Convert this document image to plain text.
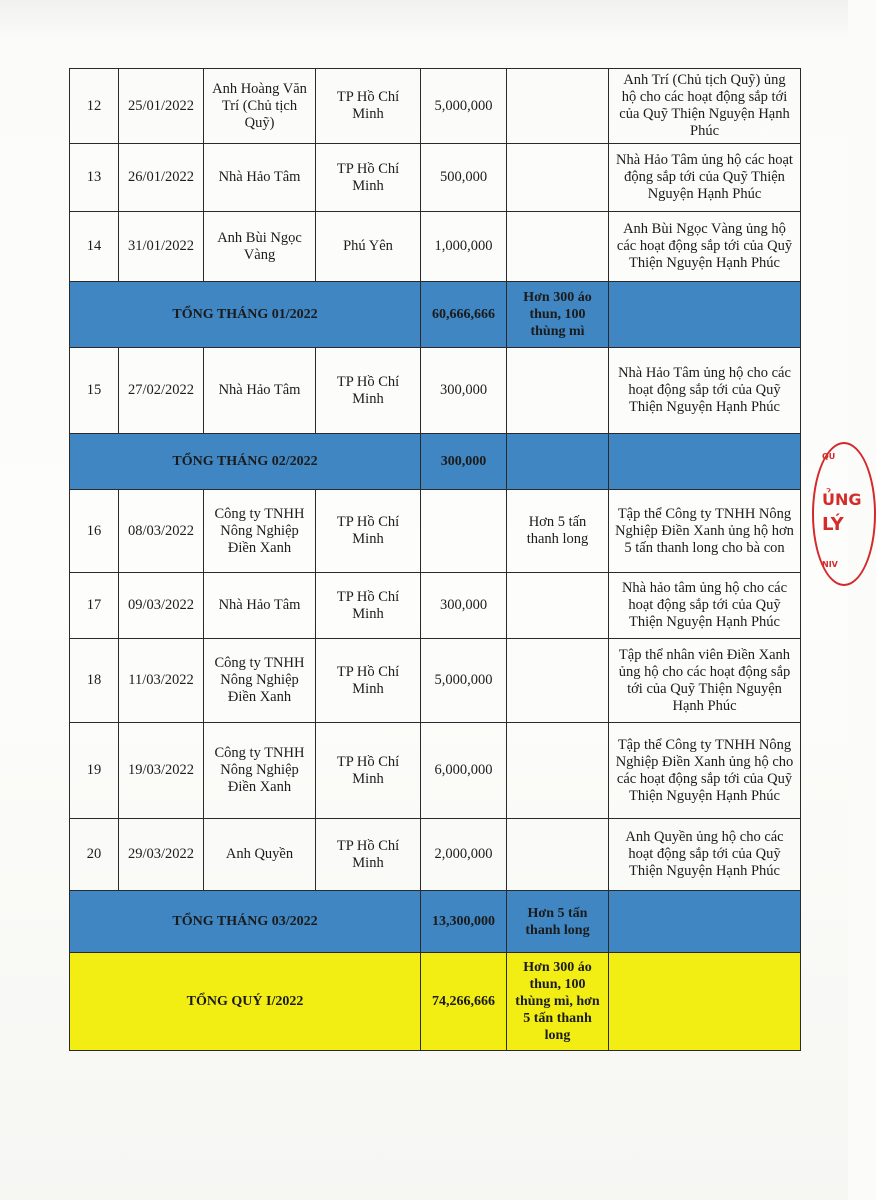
12	25/01/2022	Anh Hoàng Văn Trí (Chủ tịch Quỹ)	TP Hồ Chí Minh	5,000,000		Anh Trí (Chủ tịch Quỹ) ủng hộ cho các hoạt động sắp tới của Quỹ Thiện Nguyện Hạnh Phúc
13	26/01/2022	Nhà Hảo Tâm	TP Hồ Chí Minh	500,000		Nhà Hảo Tâm ủng hộ các hoạt động sắp tới của Quỹ Thiện Nguyện Hạnh Phúc
14	31/01/2022	Anh Bùi Ngọc Vàng	Phú Yên	1,000,000		Anh Bùi Ngọc Vàng ủng hộ các hoạt động sắp tới của Quỹ Thiện Nguyện Hạnh Phúc
TỔNG THÁNG 01/2022				60,666,666	Hơn 300 áo thun, 100 thùng mì	
15	27/02/2022	Nhà Hảo Tâm	TP Hồ Chí Minh	300,000		Nhà Hảo Tâm ủng hộ cho các hoạt động sắp tới của Quỹ Thiện Nguyện Hạnh Phúc
TỔNG THÁNG 02/2022				300,000		
16	08/03/2022	Công ty TNHH Nông Nghiệp Điền Xanh	TP Hồ Chí Minh		Hơn 5 tấn thanh long	Tập thể Công ty TNHH Nông Nghiệp Điền Xanh ủng hộ hơn 5 tấn thanh long cho bà con
17	09/03/2022	Nhà Hảo Tâm	TP Hồ Chí Minh	300,000		Nhà hảo tâm ủng hộ cho các hoạt động sắp tới của Quỹ Thiện Nguyện Hạnh Phúc
18	11/03/2022	Công ty TNHH Nông Nghiệp Điền Xanh	TP Hồ Chí Minh	5,000,000		Tập thể nhân viên Điền Xanh ủng hộ cho các hoạt động sắp tới của Quỹ Thiện Nguyện Hạnh Phúc
19	19/03/2022	Công ty TNHH Nông Nghiệp Điền Xanh	TP Hồ Chí Minh	6,000,000		Tập thể Công ty TNHH Nông Nghiệp Điền Xanh ủng hộ cho các hoạt động sắp tới của Quỹ Thiện Nguyện Hạnh Phúc
20	29/03/2022	Anh Quyền	TP Hồ Chí Minh	2,000,000		Anh Quyền ủng hộ cho các hoạt động sắp tới của Quỹ Thiện Nguyện Hạnh Phúc
TỔNG THÁNG 03/2022				13,300,000	Hơn 5 tấn thanh long	
TỔNG QUÝ I/2022				74,266,666	Hơn 300 áo thun, 100 thùng mì, hơn 5 tấn thanh long	
QU
ỦNG
LÝ
NIV
